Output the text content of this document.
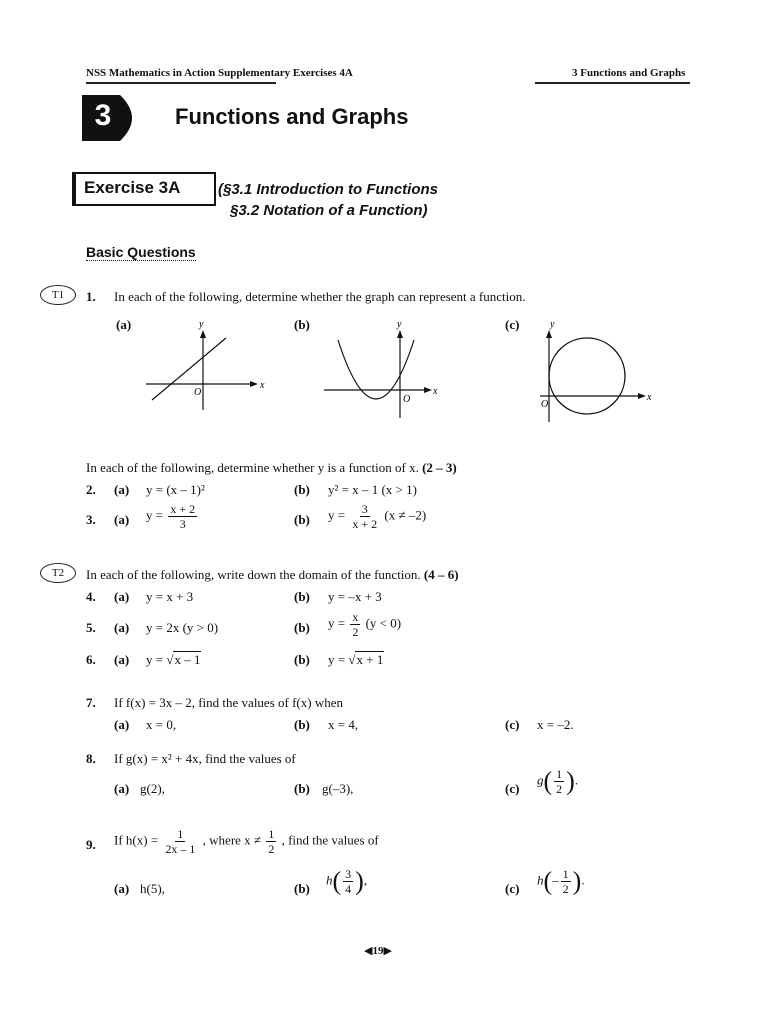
NSS Mathematics in Action Supplementary Exercises 4A	3 Functions and Graphs
3	Functions and Graphs
Exercise 3A	(§3.1 Introduction to Functions
§3.2 Notation of a Function)
Basic Questions
T1	1. In each of the following, determine whether the graph can represent a function.
(a)	(b)	(c)
y
x
O
y
x
O
y
x
O
In each of the following, determine whether y is a function of x. (2 – 3)
2. (a) y = (x – 1)²	(b) y² = x – 1 (x > 1)
3. (a) $y = \frac{x + 2}{3}$	(b) $y = \frac{3}{x + 2} (x \ne -2)$
T2	In each of the following, write down the domain of the function. (4 – 6)
4. (a) y = x + 3	(b) y = –x + 3
5. (a) y = 2x (y > 0)	(b) $y = \frac{x}{2} (y < 0)$
6. (a) y = √x – 1	(b) y = √x + 1
7. If f(x) = 3x – 2, find the values of f(x) when
(a) x = 0,	(b) x = 4,	(c) x = –2.
8. If g(x) = x² + 4x, find the values of
(a) g(2),	(b) g(–3),	(c)
$g( \frac{1}{2}$ ).
9. If $h(x) = \frac{1}{2x - 1}$ , where $x \ne \frac{1}{2}$ , find the values of
(a) h(5),	(b)
$h( \frac{3}{4}$ ),
(c)
$h(- \frac{1}{2}$ ).
◀19▶
